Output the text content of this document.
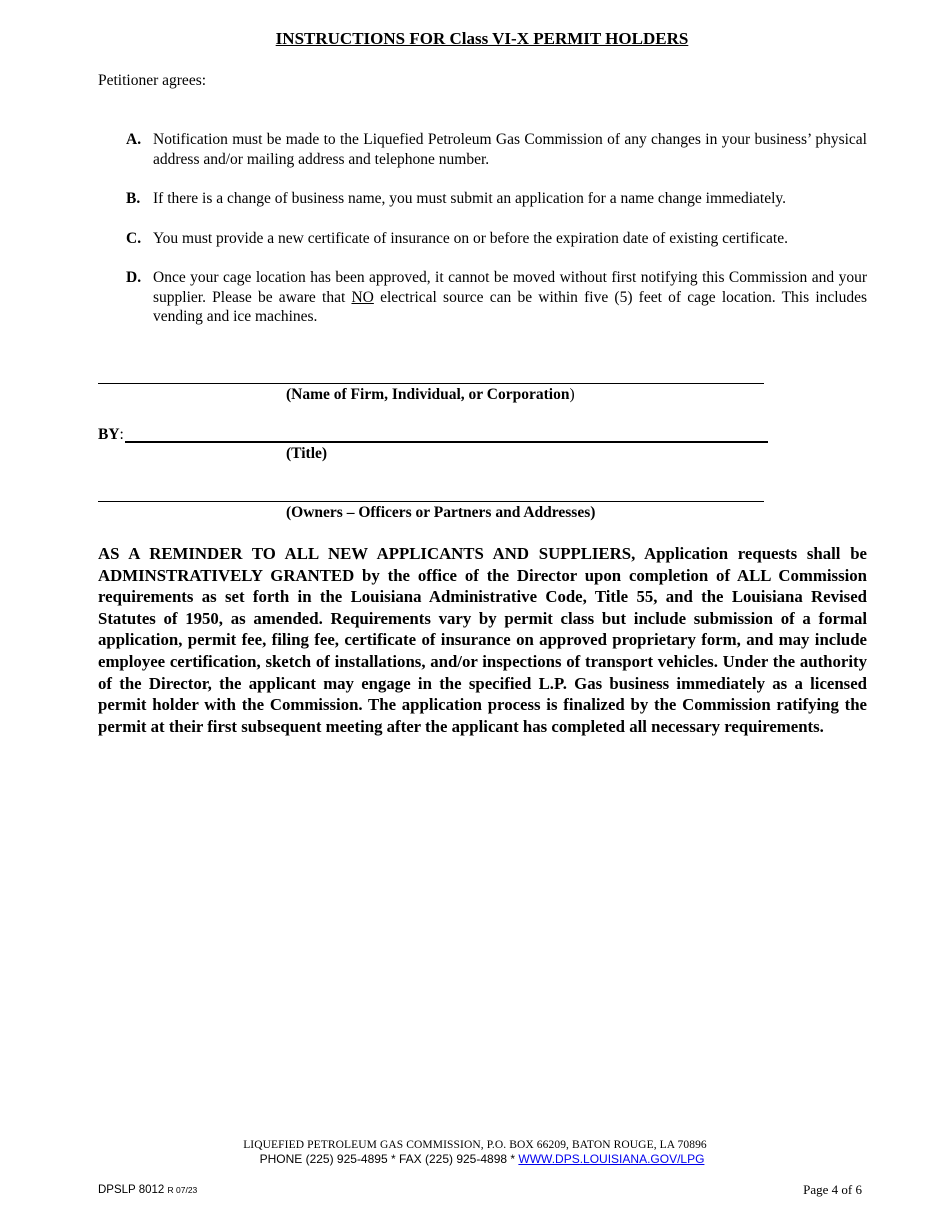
INSTRUCTIONS FOR Class VI-X PERMIT HOLDERS
Petitioner agrees:
A. Notification must be made to the Liquefied Petroleum Gas Commission of any changes in your business’ physical address and/or mailing address and telephone number.
B. If there is a change of business name, you must submit an application for a name change immediately.
C. You must provide a new certificate of insurance on or before the expiration date of existing certificate.
D. Once your cage location has been approved, it cannot be moved without first notifying this Commission and your supplier. Please be aware that NO electrical source can be within five (5) feet of cage location. This includes vending and ice machines.
(Name of Firm, Individual, or Corporation)
BY:
(Title)
(Owners – Officers or Partners and Addresses)
AS A REMINDER TO ALL NEW APPLICANTS AND SUPPLIERS, Application requests shall be ADMINSTRATIVELY GRANTED by the office of the Director upon completion of ALL Commission requirements as set forth in the Louisiana Administrative Code, Title 55, and the Louisiana Revised Statutes of 1950, as amended. Requirements vary by permit class but include submission of a formal application, permit fee, filing fee, certificate of insurance on approved proprietary form, and may include employee certification, sketch of installations, and/or inspections of transport vehicles. Under the authority of the Director, the applicant may engage in the specified L.P. Gas business immediately as a licensed permit holder with the Commission. The application process is finalized by the Commission ratifying the permit at their first subsequent meeting after the applicant has completed all necessary requirements.
LIQUEFIED PETROLEUM GAS COMMISSION, P.O. BOX 66209, BATON ROUGE, LA 70896
PHONE (225) 925-4895 * FAX (225) 925-4898 * WWW.DPS.LOUISIANA.GOV/LPG
DPSLP 8012 R 07/23	Page 4 of 6
